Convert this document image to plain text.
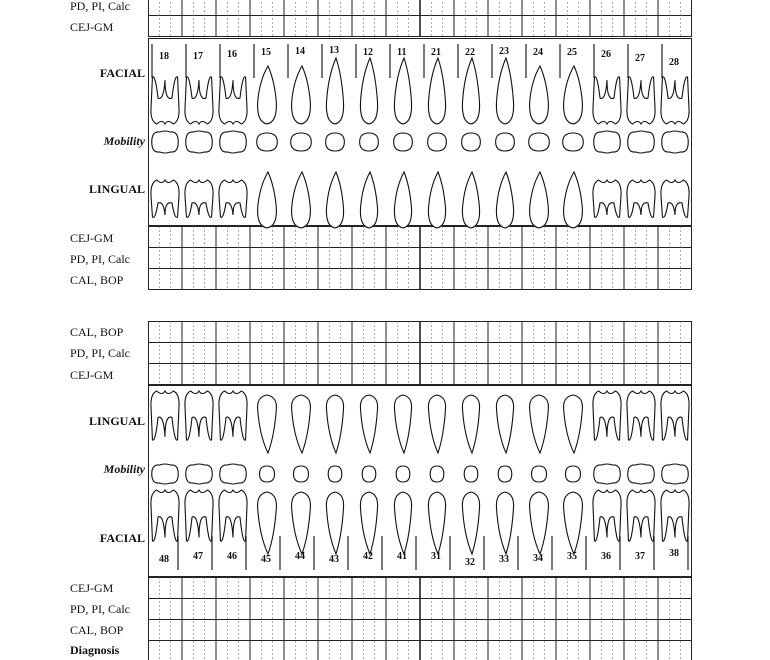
PD, PI, Calc
CEJ-GM
FACIAL
Mobility
LINGUAL
CEJ-GM
PD, PI, Calc
CAL, BOP
CAL, BOP
PD, PI, Calc
CEJ-GM
LINGUAL
Mobility
FACIAL
CEJ-GM
PD, PI, Calc
CAL, BOP
Diagnosis
18 17 16 15 14 13 12 11 21 22 23 24 25 26 27 28
48 47 46 45 44 43 42 41 31
32 33 34 35 36 37 38
